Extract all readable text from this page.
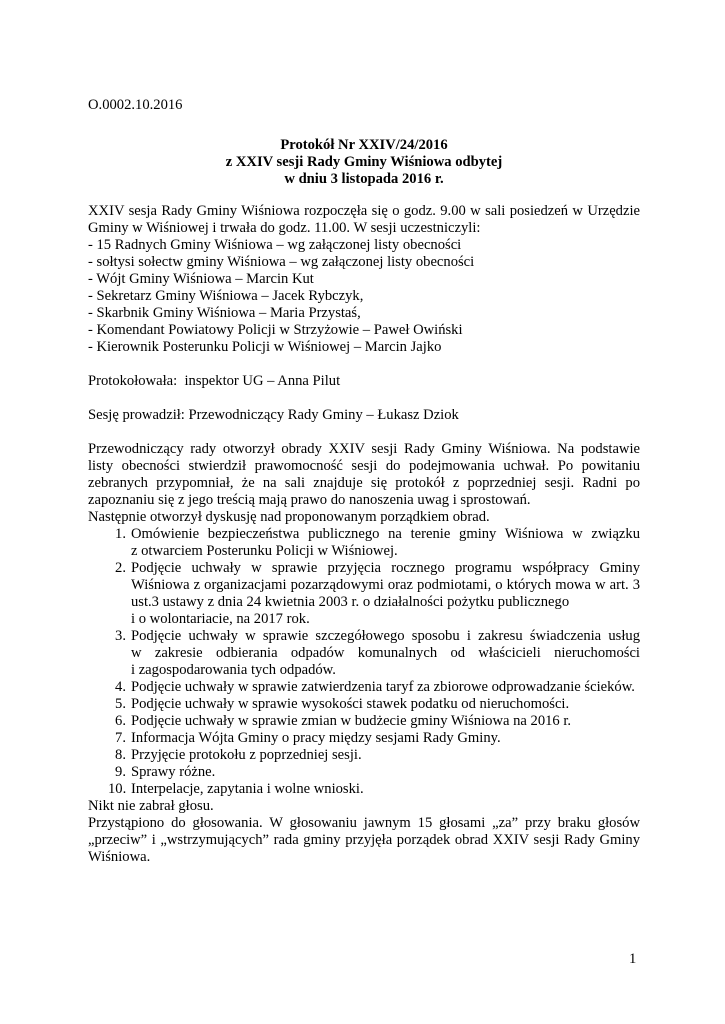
O.0002.10.2016
Protokół Nr XXIV/24/2016
z XXIV sesji Rady Gminy Wiśniowa odbytej
w dniu 3 listopada 2016 r.
XXIV sesja Rady Gminy Wiśniowa rozpoczęła się o godz. 9.00 w sali posiedzeń w Urzędzie
Gminy w Wiśniowej i trwała do godz. 11.00. W sesji uczestniczyli:
- 15 Radnych Gminy Wiśniowa – wg załączonej listy obecności
- sołtysi sołectw gminy Wiśniowa – wg załączonej listy obecności
- Wójt Gminy Wiśniowa – Marcin Kut
- Sekretarz Gminy Wiśniowa – Jacek Rybczyk,
- Skarbnik Gminy Wiśniowa – Maria Przystaś,
- Komendant Powiatowy Policji w Strzyżowie – Paweł Owiński
- Kierownik Posterunku Policji w Wiśniowej – Marcin Jajko
Protokołowała:  inspektor UG – Anna Pilut
Sesję prowadził: Przewodniczący Rady Gminy – Łukasz Dziok
Przewodniczący rady otworzył obrady XXIV sesji Rady Gminy Wiśniowa. Na podstawie
listy obecności stwierdził prawomocność sesji do podejmowania uchwał. Po powitaniu
zebranych przypomniał, że na sali znajduje się protokół z poprzedniej sesji. Radni po
zapoznaniu się z jego treścią mają prawo do nanoszenia uwag i sprostowań.
Następnie otworzył dyskusję nad proponowanym porządkiem obrad.
1. Omówienie bezpieczeństwa publicznego na terenie gminy Wiśniowa w związku
z otwarciem Posterunku Policji w Wiśniowej.
2. Podjęcie uchwały w sprawie przyjęcia rocznego programu współpracy Gminy
Wiśniowa z organizacjami pozarządowymi oraz podmiotami, o których mowa w art. 3
ust.3 ustawy z dnia 24 kwietnia 2003 r. o działalności pożytku publicznego
i o wolontariacie, na 2017 rok.
3. Podjęcie uchwały w sprawie szczegółowego sposobu i zakresu świadczenia usług
w zakresie odbierania odpadów komunalnych od właścicieli nieruchomości
i zagospodarowania tych odpadów.
4. Podjęcie uchwały w sprawie zatwierdzenia taryf za zbiorowe odprowadzanie ścieków.
5. Podjęcie uchwały w sprawie wysokości stawek podatku od nieruchomości.
6. Podjęcie uchwały w sprawie zmian w budżecie gminy Wiśniowa na 2016 r.
7. Informacja Wójta Gminy o pracy między sesjami Rady Gminy.
8. Przyjęcie protokołu z poprzedniej sesji.
9. Sprawy różne.
10. Interpelacje, zapytania i wolne wnioski.
Nikt nie zabrał głosu.
Przystąpiono do głosowania. W głosowaniu jawnym 15 głosami „za” przy braku głosów
„przeciw” i „wstrzymujących” rada gminy przyjęła porządek obrad XXIV sesji Rady Gminy
Wiśniowa.
1
